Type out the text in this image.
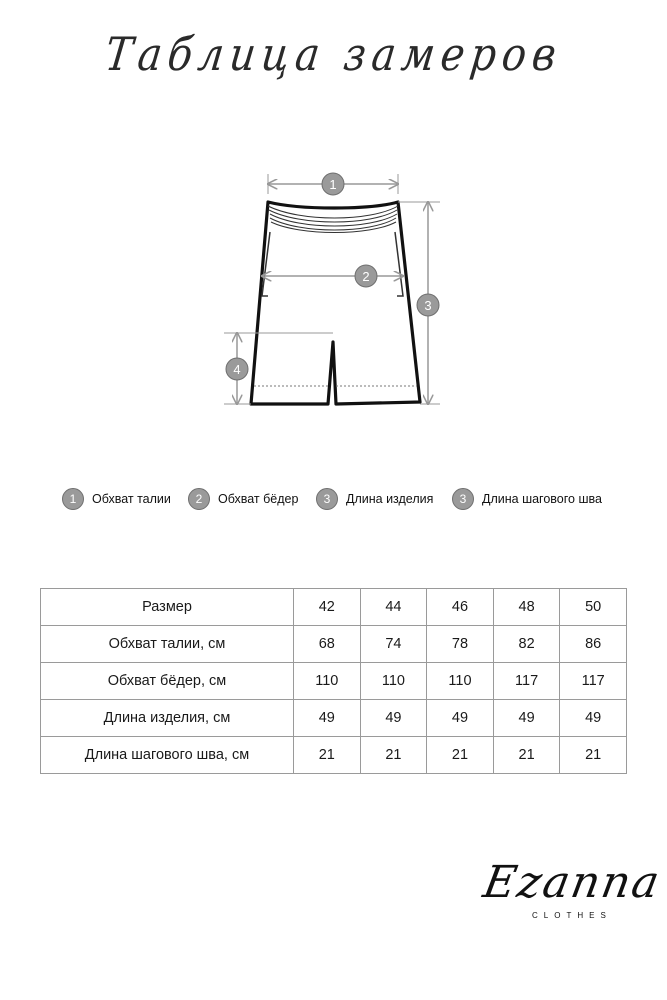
Таблица замеров
1
2
3
4
1	Обхват талии	2	Обхват бёдер	3	Длина изделия	3	Длина шагового шва
Размер	42	44	46	48	50
Обхват талии, см	68	74	78	82	86
Обхват бёдер, см	110	110	110	117	117
Длина изделия, см	49	49	49	49	49
Длина шагового шва, см	21	21	21	21	21
Ezanna
CLOTHES
